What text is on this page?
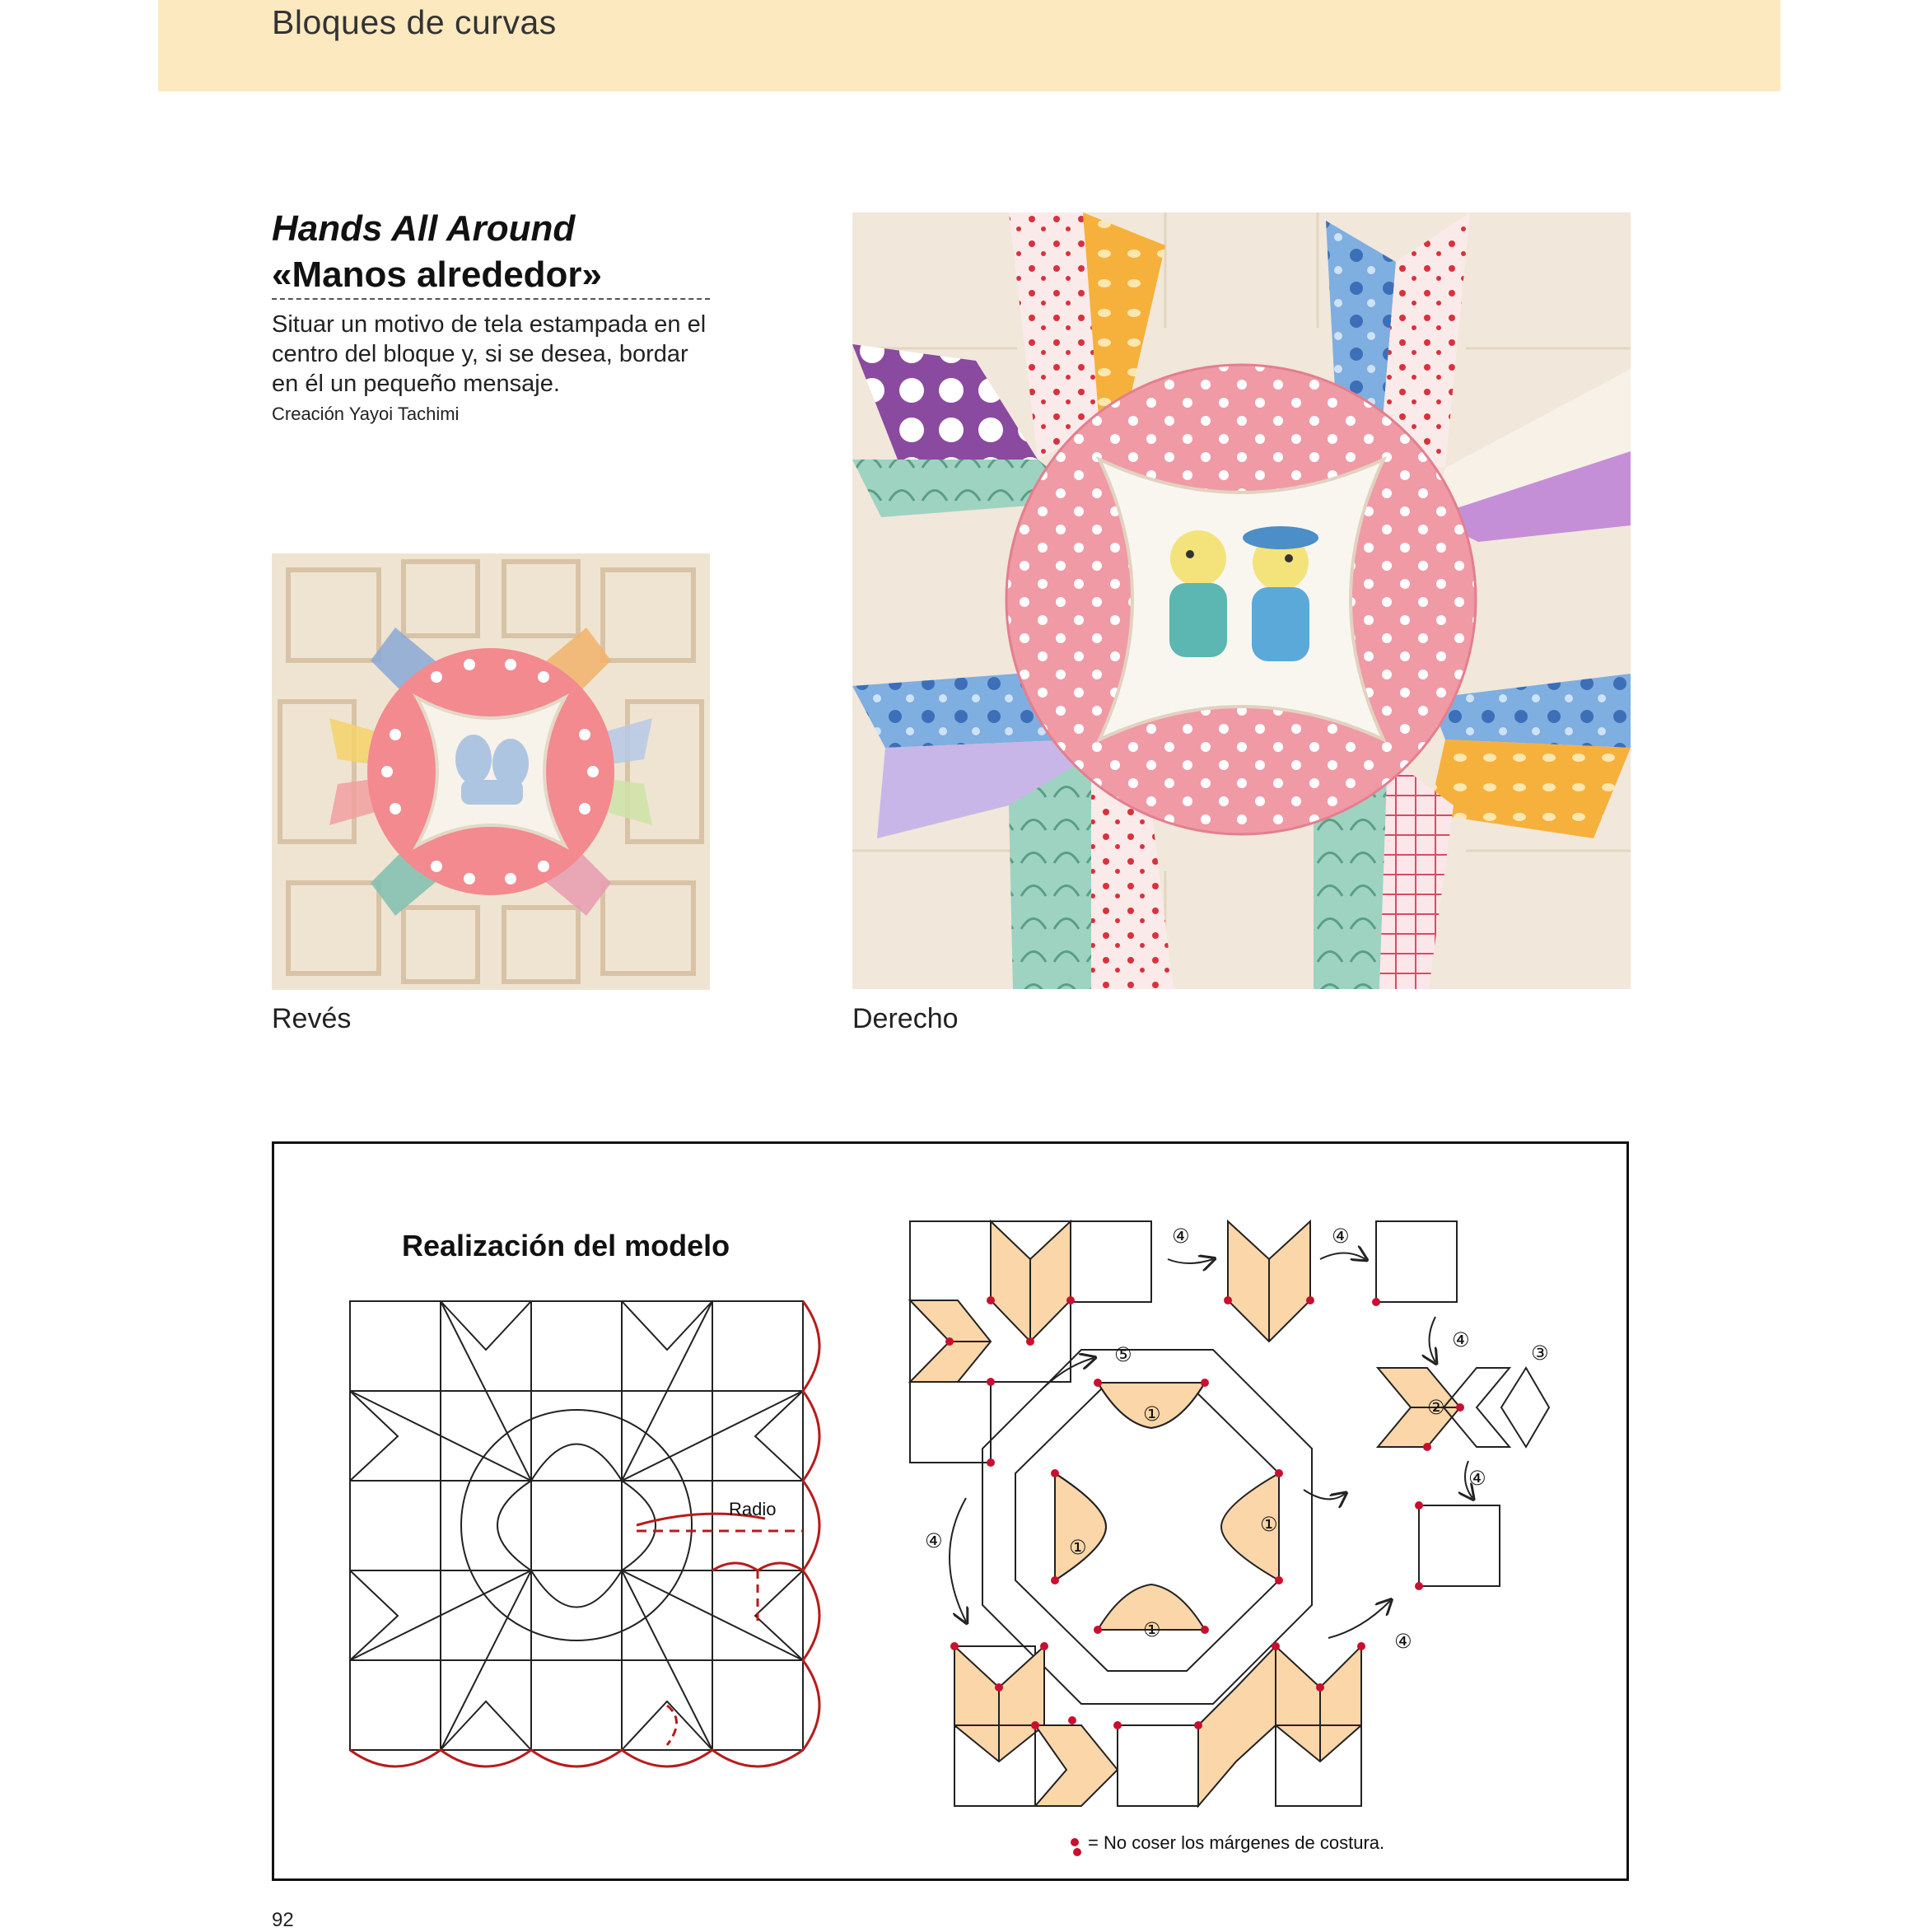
Bloques de curvas
Hands All Around
«Manos alrededor»
Situar un motivo de tela estampada en el centro del bloque y, si se desea, bordar en él un pequeño mensaje.
Creación Yayoi Tachimi
Revés	Derecho
Realización del modelo
Radio
④	④
④
③
②
④
⑤
①
①
①
①
④
④
= No coser los márgenes de costura.
92
